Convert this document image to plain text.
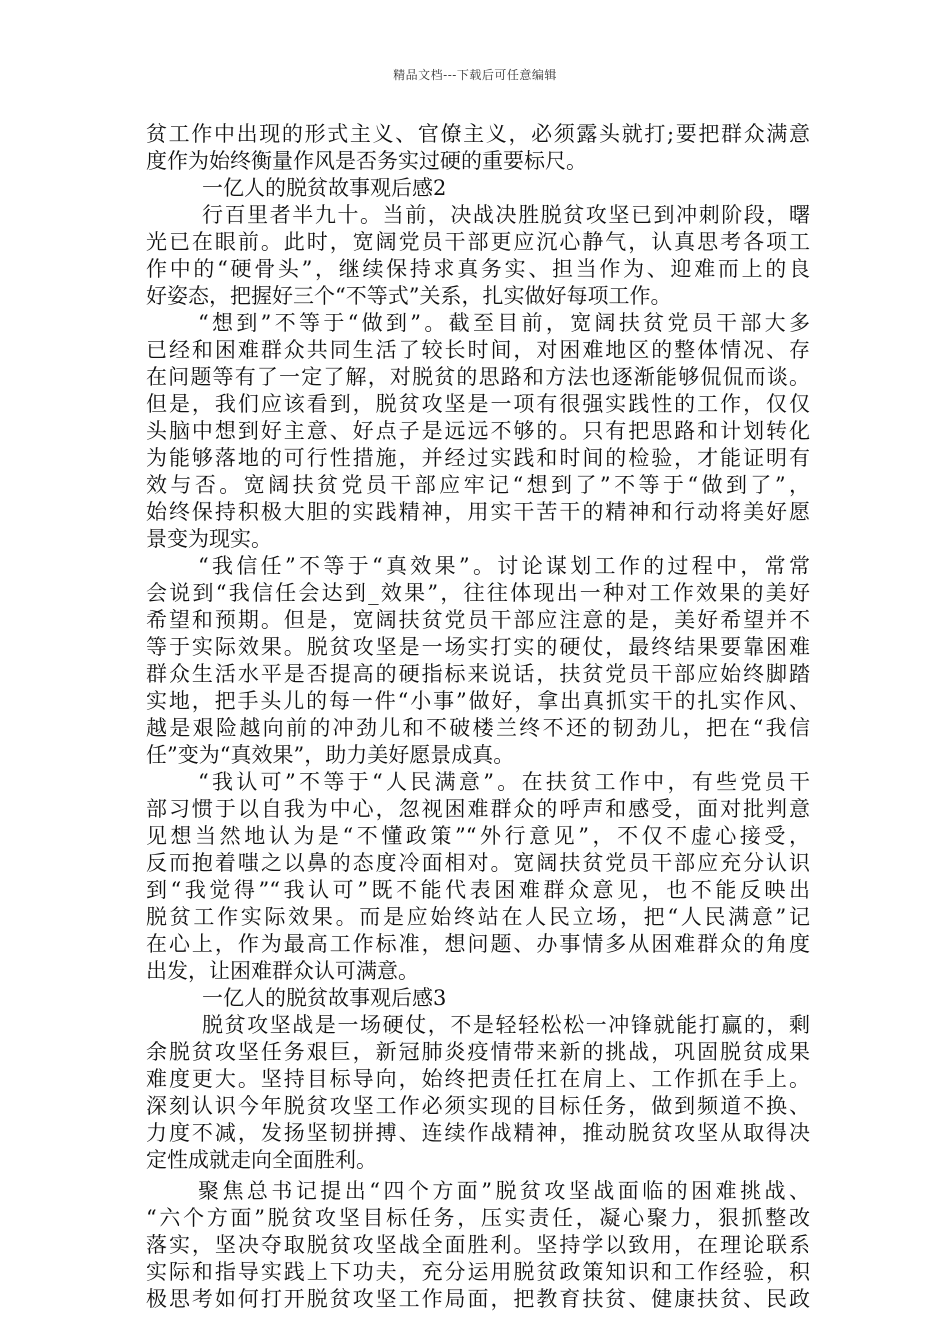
精品文档---下载后可任意编辑
贫工作中出现的形式主义、官僚主义，必须露头就打;要把群众满意
度作为始终衡量作风是否务实过硬的重要标尺。
一亿人的脱贫故事观后感2
行百里者半九十。当前，决战决胜脱贫攻坚已到冲刺阶段，曙
光已在眼前。此时，宽阔党员干部更应沉心静气，认真思考各项工
作中的“硬骨头”，继续保持求真务实、担当作为、迎难而上的良
好姿态，把握好三个“不等式”关系，扎实做好每项工作。
“想到”不等于“做到”。截至目前，宽阔扶贫党员干部大多
已经和困难群众共同生活了较长时间，对困难地区的整体情况、存
在问题等有了一定了解，对脱贫的思路和方法也逐渐能够侃侃而谈。
但是，我们应该看到，脱贫攻坚是一项有很强实践性的工作，仅仅
头脑中想到好主意、好点子是远远不够的。只有把思路和计划转化
为能够落地的可行性措施，并经过实践和时间的检验，才能证明有
效与否。宽阔扶贫党员干部应牢记“想到了”不等于“做到了”，
始终保持积极大胆的实践精神，用实干苦干的精神和行动将美好愿
景变为现实。
“我信任”不等于“真效果”。讨论谋划工作的过程中，常常
会说到“我信任会达到_效果”，往往体现出一种对工作效果的美好
希望和预期。但是，宽阔扶贫党员干部应注意的是，美好希望并不
等于实际效果。脱贫攻坚是一场实打实的硬仗，最终结果要靠困难
群众生活水平是否提高的硬指标来说话，扶贫党员干部应始终脚踏
实地，把手头儿的每一件“小事”做好，拿出真抓实干的扎实作风、
越是艰险越向前的冲劲儿和不破楼兰终不还的韧劲儿，把在“我信
任”变为“真效果”，助力美好愿景成真。
“我认可”不等于“人民满意”。在扶贫工作中，有些党员干
部习惯于以自我为中心，忽视困难群众的呼声和感受，面对批判意
见想当然地认为是“不懂政策”“外行意见”，不仅不虚心接受，
反而抱着嗤之以鼻的态度冷面相对。宽阔扶贫党员干部应充分认识
到“我觉得”“我认可”既不能代表困难群众意见，也不能反映出
脱贫工作实际效果。而是应始终站在人民立场，把“人民满意”记
在心上，作为最高工作标准，想问题、办事情多从困难群众的角度
出发，让困难群众认可满意。
一亿人的脱贫故事观后感3
脱贫攻坚战是一场硬仗，不是轻轻松松一冲锋就能打赢的，剩
余脱贫攻坚任务艰巨，新冠肺炎疫情带来新的挑战，巩固脱贫成果
难度更大。坚持目标导向，始终把责任扛在肩上、工作抓在手上。
深刻认识今年脱贫攻坚工作必须实现的目标任务，做到频道不换、
力度不减，发扬坚韧拼搏、连续作战精神，推动脱贫攻坚从取得决
定性成就走向全面胜利。
聚焦总书记提出“四个方面”脱贫攻坚战面临的困难挑战、
“六个方面”脱贫攻坚目标任务，压实责任，凝心聚力，狠抓整改
落实，坚决夺取脱贫攻坚战全面胜利。坚持学以致用，在理论联系
实际和指导实践上下功夫，充分运用脱贫政策知识和工作经验，积
极思考如何打开脱贫攻坚工作局面，把教育扶贫、健康扶贫、民政
